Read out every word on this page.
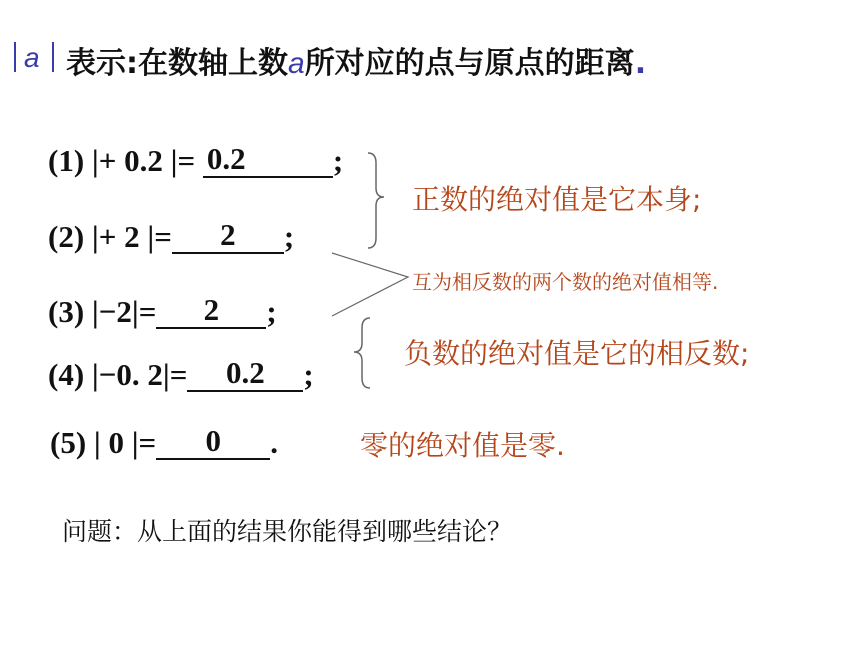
a 表示:在数轴上数a所对应的点与原点的距离.
(1) |+ 0.2 |= 0.2	;
(2) |+ 2 |= 2 ;
(3) |−2|= 2 ;
(4) |−0. 2|= 0.2 ;
(5) | 0 |= 0 .
正数的绝对值是它本身;
互为相反数的两个数的绝对值相等.
负数的绝对值是它的相反数;
零的绝对值是零.
问题：从上面的结果你能得到哪些结论？
